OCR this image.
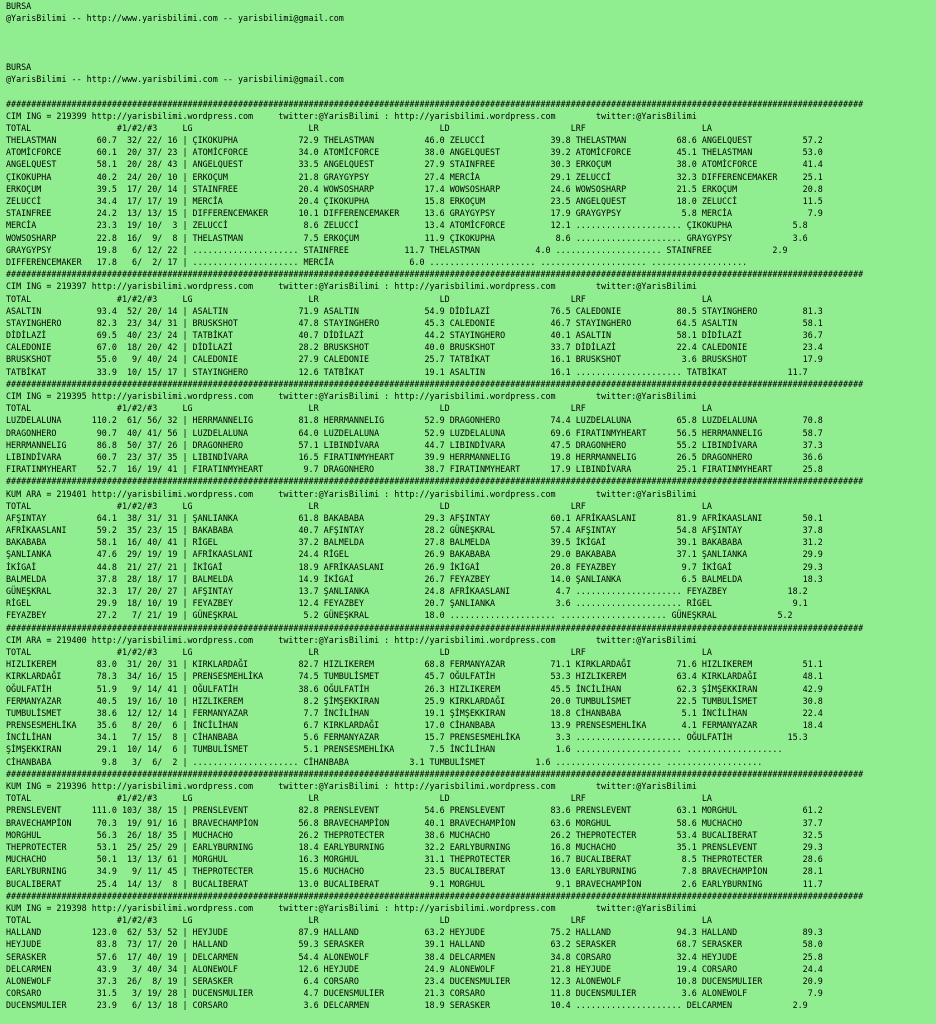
BURSA
@YarisBilimi -- http://www.yarisbilimi.com -- yarisbilimi@gmail.com
BURSA
@YarisBilimi -- http://www.yarisbilimi.com -- yarisbilimi@gmail.com
##########################################################################################################################################################################
CIM ING = 219399 http://yarisbilimi.wordpress.com     twitter:@YarisBilimi : http://yarisbilimi.wordpress.com        twitter:@YarisBilimi
TOTAL                 #1/#2/#3     LG                       LR                        LD                        LRF                       LA
THELASTMAN        60.7  32/ 22/ 16 | ÇIKOKUPHA            72.9 THELASTMAN          46.0 ZELUCCİ             39.8 THELASTMAN          68.6 ANGELQUEST          57.2
ATOMİCFORCE       60.1  20/ 37/ 23 | ATOMİCFORCE          34.0 ATOMİCFORCE         38.0 ANGELQUEST          39.2 ATOMİCFORCE         45.1 THELASTMAN          53.0
ANGELQUEST        58.1  20/ 28/ 43 | ANGELQUEST           33.5 ANGELQUEST          27.9 STAINFREE           30.3 ERKOÇUM             38.0 ATOMİCFORCE         41.4
ÇIKOKUPHA         40.2  24/ 20/ 10 | ERKOÇUM              21.8 GRAYGYPSY           27.4 MERCİA              29.1 ZELUCCİ             32.3 DIFFERENCEMAKER     25.1
ERKOÇUM           39.5  17/ 20/ 14 | STAINFREE            20.4 WOWSOSHARP          17.4 WOWSOSHARP          24.6 WOWSOSHARP          21.5 ERKOÇUM             20.8
ZELUCCİ           34.4  17/ 17/ 19 | MERCİA               20.4 ÇIKOKUPHA           15.8 ERKOÇUM             23.5 ANGELQUEST          18.0 ZELUCCİ             11.5
STAINFREE         24.2  13/ 13/ 15 | DIFFERENCEMAKER      10.1 DIFFERENCEMAKER     13.6 GRAYGYPSY           17.9 GRAYGYPSY            5.8 MERCİA               7.9
MERCİA            23.3  19/ 10/  3 | ZELUCCİ               8.6 ZELUCCİ             13.4 ATOMİCFORCE         12.1 ..................... ÇIKOKUPHA            5.8
WOWSOSHARP        22.8  16/  9/  8 | THELASTMAN            7.5 ERKOÇUM             11.9 ÇIKOKUPHA            8.6 ..................... GRAYGYPSY            3.6
GRAYGYPSY         19.8   6/ 12/ 22 | ..................... STAINFREE           11.7 THELASTMAN           4.0 ..................... STAINFREE            2.9
DIFFERENCEMAKER   17.8   6/  2/ 17 | ..................... MERCİA               6.0 ..................... ..................... ...................
##########################################################################################################################################################################
CIM ING = 219397 http://yarisbilimi.wordpress.com     twitter:@YarisBilimi : http://yarisbilimi.wordpress.com        twitter:@YarisBilimi
TOTAL                 #1/#2/#3     LG                       LR                        LD                        LRF                       LA
ASALTIN           93.4  52/ 20/ 14 | ASALTIN              71.9 ASALTIN             54.9 DİDİLAZİ            76.5 CALEDONIE           80.5 STAYINGHERO         81.3
STAYINGHERO       82.3  23/ 34/ 31 | BRUSKSHOT            47.8 STAYINGHERO         45.3 CALEDONIE           46.7 STAYINGHERO         64.5 ASALTIN             58.1
DİDİLAZİ          69.5  40/ 23/ 24 | TATBİKAT             40.7 DİDİLAZİ            44.2 STAYINGHERO         40.1 ASALTIN             58.1 DİDİLAZİ            36.7
CALEDONIE         67.0  18/ 20/ 42 | DİDİLAZİ             28.2 BRUSKSHOT           40.0 BRUSKSHOT           33.7 DİDİLAZİ            22.4 CALEDONIE           23.4
BRUSKSHOT         55.0   9/ 40/ 24 | CALEDONIE            27.9 CALEDONIE           25.7 TATBİKAT            16.1 BRUSKSHOT            3.6 BRUSKSHOT           17.9
TATBİKAT          33.9  10/ 15/ 17 | STAYINGHERO          12.6 TATBİKAT            19.1 ASALTIN             16.1 ..................... TATBİKAT            11.7
##########################################################################################################################################################################
CIM ING = 219395 http://yarisbilimi.wordpress.com     twitter:@YarisBilimi : http://yarisbilimi.wordpress.com        twitter:@YarisBilimi
TOTAL                 #1/#2/#3     LG                       LR                        LD                        LRF                       LA
LUZDELALUNA      110.2  61/ 56/ 32 | HERRMANNELIG         81.8 HERRMANNELIG        52.9 DRAGONHERO          74.4 LUZDELALUNA         65.8 LUZDELALUNA         70.8
DRAGONHERO        90.7  40/ 41/ 56 | LUZDELALUNA          64.0 LUZDELALUNA         52.9 LUZDELALUNA         69.6 FIRATINMYHEART      56.5 HERRMANNELIG        58.7
HERRMANNELIG      86.8  50/ 37/ 26 | DRAGONHERO           57.1 LIBINDİVARA         44.7 LIBINDİVARA         47.5 DRAGONHERO          55.2 LIBINDİVARA         37.3
LIBINDİVARA       60.7  23/ 37/ 35 | LIBINDİVARA          16.5 FIRATINMYHEART      39.9 HERRMANNELIG        19.8 HERRMANNELIG        26.5 DRAGONHERO          36.6
FIRATINMYHEART    52.7  16/ 19/ 41 | FIRATINMYHEART        9.7 DRAGONHERO          38.7 FIRATINMYHEART      17.9 LIBINDİVARA         25.1 FIRATINMYHEART      25.8
##########################################################################################################################################################################
KUM ARA = 219401 http://yarisbilimi.wordpress.com     twitter:@YarisBilimi : http://yarisbilimi.wordpress.com        twitter:@YarisBilimi
TOTAL                 #1/#2/#3     LG                       LR                        LD                        LRF                       LA
AFŞINTAY          64.1  38/ 31/ 31 | ŞANLIANKA            61.8 BAKABABA            29.3 AFŞINTAY            60.1 AFRİKAASLANI        81.9 AFRİKAASLANI        50.1
AFRİKAASLANI      59.2  35/ 23/ 15 | BAKABABA             40.7 AFŞINTAY            28.2 GÜNEŞKRAL           57.4 AFŞINTAY            54.8 AFŞINTAY            37.8
BAKABABA          58.1  16/ 40/ 41 | RİGEL                37.2 BALMELDA            27.8 BALMELDA            39.5 İKİGAİ              39.1 BAKABABA            31.2
ŞANLIANKA         47.6  29/ 19/ 19 | AFRİKAASLANI         24.4 RİGEL               26.9 BAKABABA            29.0 BAKABABA            37.1 ŞANLIANKA           29.9
İKİGAİ            44.8  21/ 27/ 21 | İKİGAİ               18.9 AFRİKAASLANI        26.9 İKİGAİ              20.8 FEYAZBEY             9.7 İKİGAİ              29.3
BALMELDA          37.8  28/ 18/ 17 | BALMELDA             14.9 İKİGAİ              26.7 FEYAZBEY            14.0 ŞANLIANKA            6.5 BALMELDA            18.3
GÜNEŞKRAL         32.3  17/ 20/ 27 | AFŞINTAY             13.7 ŞANLIANKA           24.8 AFRİKAASLANI         4.7 ..................... FEYAZBEY            18.2
RİGEL             29.9  18/ 10/ 19 | FEYAZBEY             12.4 FEYAZBEY            20.7 ŞANLIANKA            3.6 ..................... RİGEL                9.1
FEYAZBEY          27.2   7/ 21/ 19 | GÜNEŞKRAL             5.2 GÜNEŞKRAL           18.0 ..................... ..................... GÜNEŞKRAL            5.2
##########################################################################################################################################################################
CIM ARA = 219400 http://yarisbilimi.wordpress.com     twitter:@YarisBilimi : http://yarisbilimi.wordpress.com        twitter:@YarisBilimi
TOTAL                 #1/#2/#3     LG                       LR                        LD                        LRF                       LA
HIZLIKEREM        83.0  31/ 20/ 31 | KIRKLARDAĞI          82.7 HIZLIKEREM          68.8 FERMANYAZAR         71.1 KIRKLARDAĞI         71.6 HIZLIKEREM          51.1
KIRKLARDAĞI       78.3  34/ 16/ 15 | PRENSESMEHLİKA       74.5 TUMBULİSMET         45.7 OĞULFATİH           53.3 HIZLIKEREM          63.4 KIRKLARDAĞI         48.1
OĞULFATİH         51.9   9/ 14/ 41 | OĞULFATİH            38.6 OĞULFATİH           26.3 HIZLIKEREM          45.5 İNCİLİHAN           62.3 ŞİMŞEKKIRAN         42.9
FERMANYAZAR       40.5  19/ 16/ 10 | HIZLIKEREM            8.2 ŞİMŞEKKIRAN         25.9 KIRKLARDAĞI         20.0 TUMBULİSMET         22.5 TUMBULİSMET         30.8
TUMBULİSMET       38.6  12/ 12/ 14 | FERMANYAZAR           7.7 İNCİLİHAN           19.1 ŞİMŞEKKIRAN         18.8 CİHANBABA            5.1 İNCİLİHAN           22.4
PRENSESMEHLİKA    35.6   8/ 20/  6 | İNCİLİHAN             6.7 KIRKLARDAĞI         17.0 CİHANBABA           13.9 PRENSESMEHLİKA       4.1 FERMANYAZAR         18.4
İNCİLİHAN         34.1   7/ 15/  8 | CİHANBABA             5.6 FERMANYAZAR         15.7 PRENSESMEHLİKA       3.3 ..................... OĞULFATİH           15.3
ŞİMŞEKKIRAN       29.1  10/ 14/  6 | TUMBULİSMET           5.1 PRENSESMEHLİKA       7.5 İNCİLİHAN            1.6 ..................... ...................
CİHANBABA          9.8   3/  6/  2 | ..................... CİHANBABA            3.1 TUMBULİSMET          1.6 ..................... ...................
##########################################################################################################################################################################
KUM ING = 219396 http://yarisbilimi.wordpress.com     twitter:@YarisBilimi : http://yarisbilimi.wordpress.com        twitter:@YarisBilimi
TOTAL                 #1/#2/#3     LG                       LR                        LD                        LRF                       LA
PRENSLEVENT      111.0 103/ 38/ 15 | PRENSLEVENT          82.8 PRENSLEVENT         54.6 PRENSLEVENT         83.6 PRENSLEVENT         63.1 MORGHUL             61.2
BRAVECHAMPİON     70.3  19/ 91/ 16 | BRAVECHAMPİON        56.8 BRAVECHAMPİON       40.1 BRAVECHAMPİON       63.6 MORGHUL             58.6 MUCHACHO            37.7
MORGHUL           56.3  26/ 18/ 35 | MUCHACHO             26.2 THEPROTECTER        38.6 MUCHACHO            26.2 THEPROTECTER        53.4 BUCALIBERAT         32.5
THEPROTECTER      53.1  25/ 25/ 29 | EARLYBURNING         18.4 EARLYBURNING        32.2 EARLYBURNING        16.8 MUCHACHO            35.1 PRENSLEVENT         29.3
MUCHACHO          50.1  13/ 13/ 61 | MORGHUL              16.3 MORGHUL             31.1 THEPROTECTER        16.7 BUCALIBERAT          8.5 THEPROTECTER        28.6
EARLYBURNING      34.9   9/ 11/ 45 | THEPROTECTER         15.6 MUCHACHO            23.5 BUCALIBERAT         13.0 EARLYBURNING         7.8 BRAVECHAMPİON       28.1
BUCALIBERAT       25.4  14/ 13/  8 | BUCALIBERAT          13.0 BUCALIBERAT          9.1 MORGHUL              9.1 BRAVECHAMPİON        2.6 EARLYBURNING        11.7
##########################################################################################################################################################################
KUM ING = 219398 http://yarisbilimi.wordpress.com     twitter:@YarisBilimi : http://yarisbilimi.wordpress.com        twitter:@YarisBilimi
TOTAL                 #1/#2/#3     LG                       LR                        LD                        LRF                       LA
HALLAND          123.0  62/ 53/ 52 | HEYJUDE              87.9 HALLAND             63.2 HEYJUDE             75.2 HALLAND             94.3 HALLAND             89.3
HEYJUDE           83.8  73/ 17/ 20 | HALLAND              59.3 SERASKER            39.1 HALLAND             63.2 SERASKER            68.7 SERASKER            58.0
SERASKER          57.6  17/ 40/ 19 | DELCARMEN            54.4 ALONEWOLF           38.4 DELCARMEN           34.8 CORSARO             32.4 HEYJUDE             25.8
DELCARMEN         43.9   3/ 40/ 34 | ALONEWOLF            12.6 HEYJUDE             24.9 ALONEWOLF           21.8 HEYJUDE             19.4 CORSARO             24.4
ALONEWOLF         37.3  26/  8/ 19 | SERASKER              6.4 CORSARO             23.4 DUCENSMULIER        12.3 ALONEWOLF           10.8 DUCENSMULIER        20.9
CORSARO           31.5   3/ 19/ 28 | DUCENSMULIER          4.7 DUCENSMULIER        21.3 CORSARO             11.8 DUCENSMULIER         3.6 ALONEWOLF            7.9
DUCENSMULIER      23.9   6/ 13/ 18 | CORSARO               3.6 DELCARMEN           18.9 SERASKER            10.4 ..................... DELCARMEN            2.9
